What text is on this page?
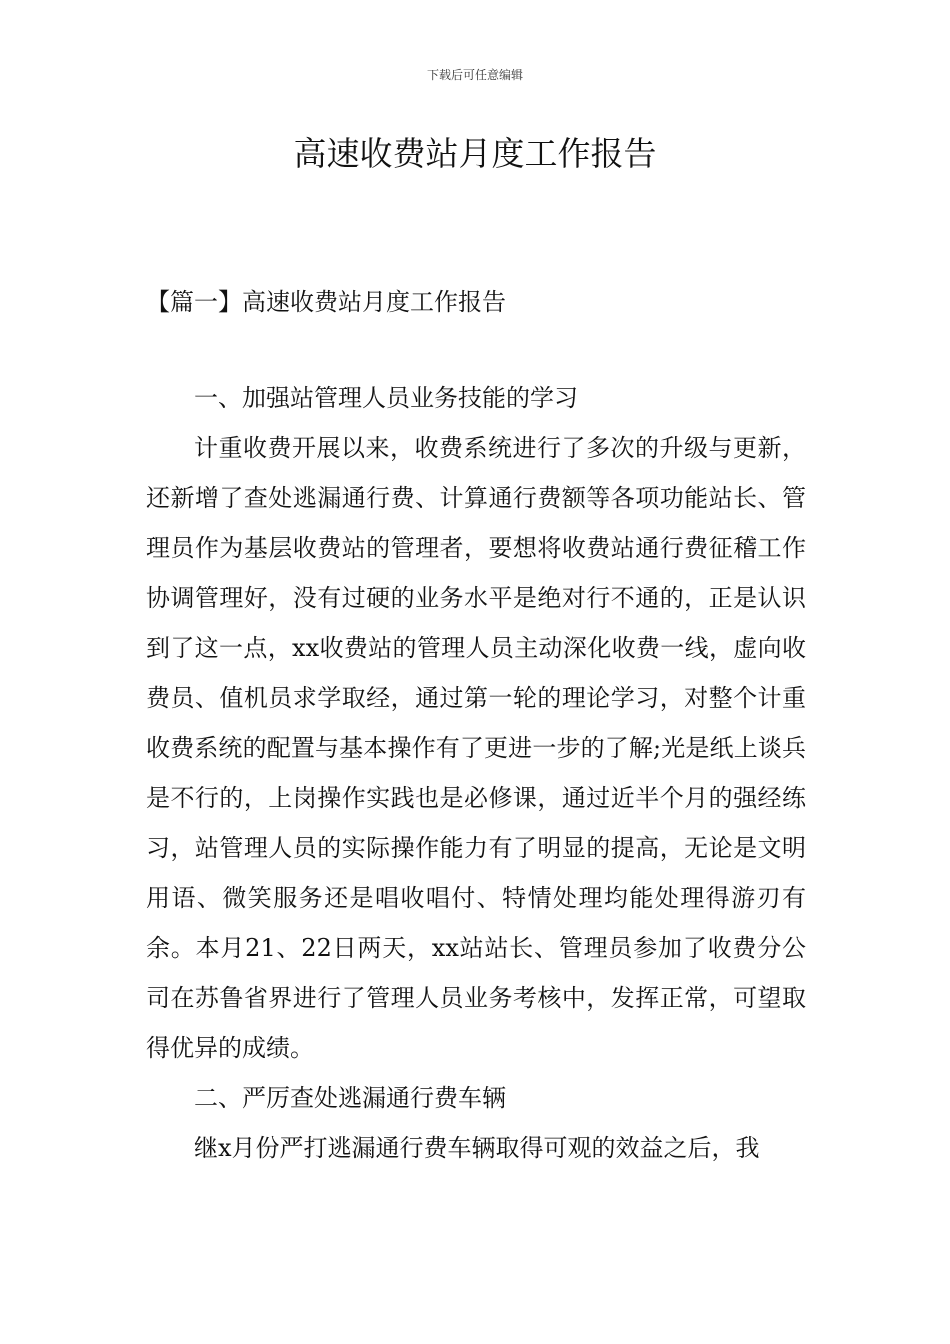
下载后可任意编辑
高速收费站月度工作报告
【篇一】高速收费站月度工作报告
一、加强站管理人员业务技能的学习

计重收费开展以来，收费系统进行了多次的升级与更新，还新增了查处逃漏通行费、计算通行费额等各项功能站长、管理员作为基层收费站的管理者，要想将收费站通行费征稽工作协调管理好，没有过硬的业务水平是绝对行不通的，正是认识到了这一点，xx收费站的管理人员主动深化收费一线，虚向收费员、值机员求学取经，通过第一轮的理论学习，对整个计重收费系统的配置与基本操作有了更进一步的了解;光是纸上谈兵是不行的，上岗操作实践也是必修课，通过近半个月的强经练习，站管理人员的实际操作能力有了明显的提高，无论是文明用语、微笑服务还是唱收唱付、特情处理均能处理得游刃有余。本月21、22日两天，xx站站长、管理员参加了收费分公司在苏鲁省界进行了管理人员业务考核中，发挥正常，可望取得优异的成绩。

二、严厉查处逃漏通行费车辆

继x月份严打逃漏通行费车辆取得可观的效益之后，我
